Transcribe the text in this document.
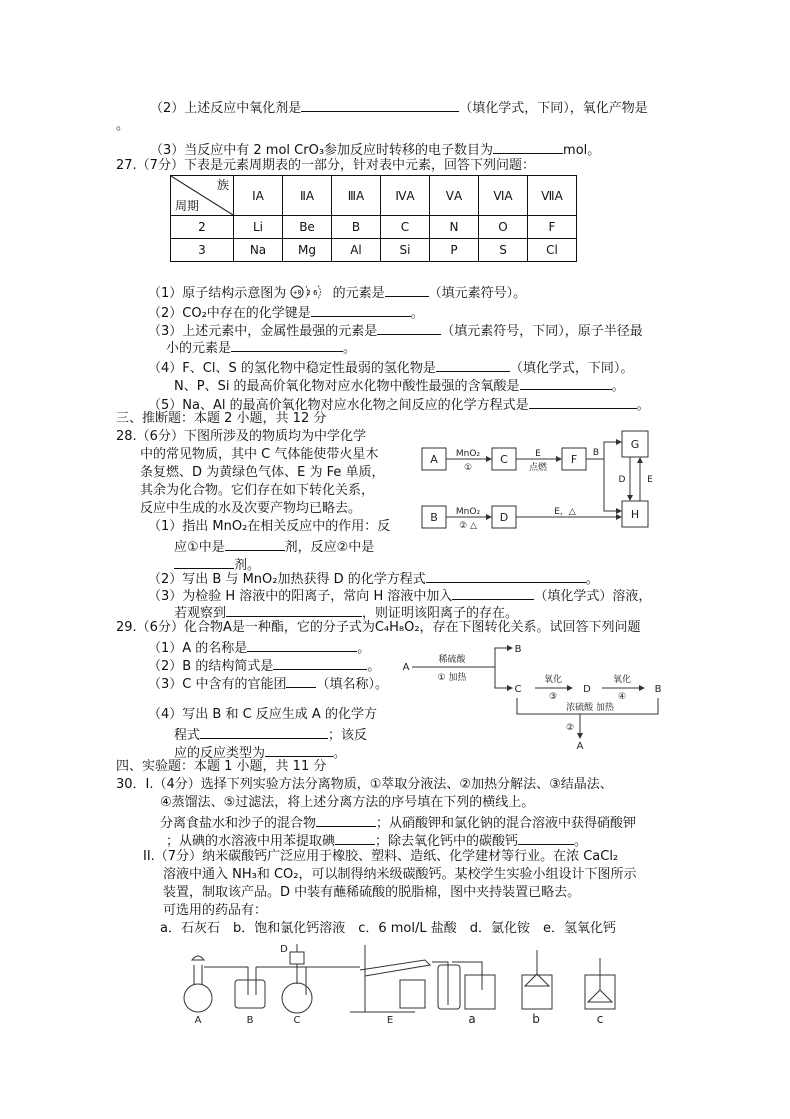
（2）上述反应中氧化剂是	（填化学式，下同），氧化产物是
。
（3）当反应中有 2 mol CrO₃参加反应时转移的电子数目为	mol。
27.（7分）下表是元素周期表的一部分，针对表中元素，回答下列问题：
族
周期	ⅠA	ⅡA	ⅢA	ⅣA	ⅤA	ⅥA	ⅦA
2	Li	Be	B	C	N	O	F
3	Na	Mg	Al	Si	P	S	Cl
（1）原子结构示意图为 +8 2 6 的元素是	（填元素符号）。
（2）CO₂中存在的化学键是	。
（3）上述元素中，金属性最强的元素是	（填元素符号，下同），原子半径最
小的元素是	。
（4）F、Cl、S 的氢化物中稳定性最弱的氢化物是	（填化学式，下同）。
N、P、Si 的最高价氧化物对应水化物中酸性最强的含氧酸是	。
（5）Na、Al 的最高价氧化物对应水化物之间反应的化学方程式是	。
三、推断题：本题 2 小题，共 12 分
28.（6分）下图所涉及的物质均为中学化学
中的常见物质，其中 C 气体能使带火星木
条复燃、D 为黄绿色气体、E 为 Fe 单质，
其余为化合物。它们存在如下转化关系，
反应中生成的水及次要产物均已略去。
（1）指出 MnO₂在相关反应中的作用：反
应①中是	剂，反应②中是
剂。
（2）写出 B 与 MnO₂加热获得 D 的化学方程式	。
（3）为检验 H 溶液中的阳离子，常向 H 溶液中加入	（填化学式）溶液，
若观察到	，则证明该阳离子的存在。
A	C	F
G
H
B	D
MnO₂
①
E
点燃
B
MnO₂
② △
E，△
D E
29.（6分）化合物A是一种酯，它的分子式为C₄H₈O₂，存在下图转化关系。试回答下列问题
（1）A 的名称是	。
（2）B 的结构简式是	。
（3）C 中含有的官能团 （填名称）。
（4）写出 B 和 C 反应生成 A 的化学方
程式	；该反
应的反应类型为	。
A
B
C	D	B
A
稀硫酸
① 加热	氧化
③
氧化
④
浓硫酸 加热
②
四、实验题：本题 1 小题，共 11 分
30．I.（4分）选择下列实验方法分离物质，①萃取分液法、②加热分解法、③结晶法、
④蒸馏法、⑤过滤法，将上述分离方法的序号填在下列的横线上。
分离食盐水和沙子的混合物	；从硝酸钾和氯化钠的混合溶液中获得硝酸钾
；从碘的水溶液中用苯提取碘	；除去氧化钙中的碳酸钙	。
II.（7分）纳米碳酸钙广泛应用于橡胶、塑料、造纸、化学建材等行业。在浓 CaCl₂
溶液中通入 NH₃和 CO₂，可以制得纳米级碳酸钙。某校学生实验小组设计下图所示
装置，制取该产品。D 中装有蘸稀硫酸的脱脂棉，图中夹持装置已略去。
可选用的药品有：
a．石灰石　b．饱和氯化钙溶液　c．6 mol/L 盐酸　d．氯化铵　e．氢氧化钙
A	B	C
D
E	a	b	c
